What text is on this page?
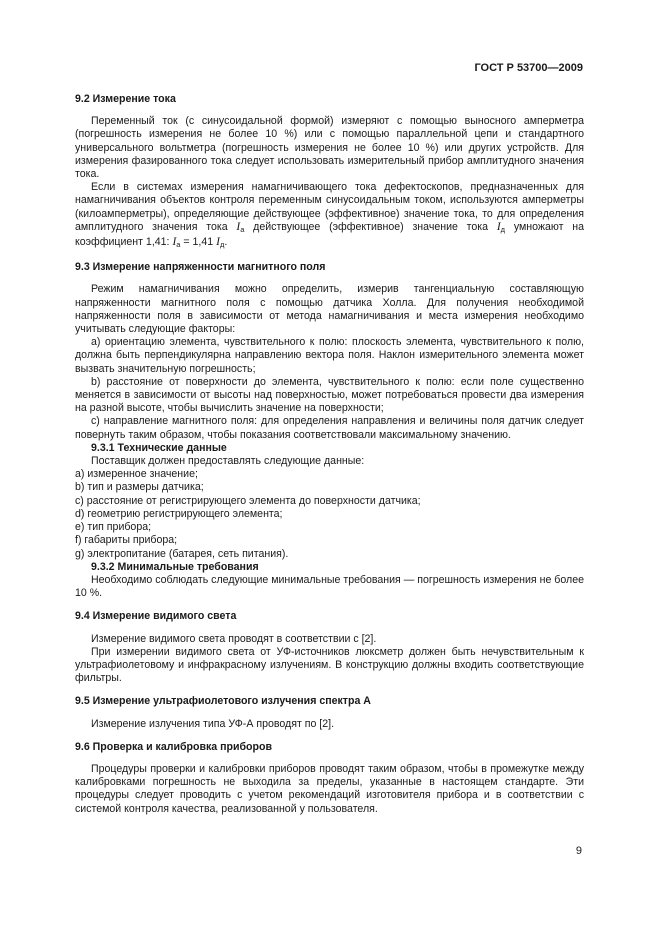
ГОСТ Р 53700—2009

9.2 Измерение тока

Переменный ток (с синусоидальной формой) измеряют с помощью выносного амперметра (погрешность измерения не более 10 %) или с помощью параллельной цепи и стандартного универсального вольтметра (погрешность измерения не более 10 %) или других устройств. Для измерения фазированного тока следует использовать измерительный прибор амплитудного значения тока.

Если в системах измерения намагничивающего тока дефектоскопов, предназначенных для намагничивания объектов контроля переменным синусоидальным током, используются амперметры (килоамперметры), определяющие действующее (эффективное) значение тока, то для определения амплитудного значения тока $I_а$ действующее (эффективное) значение тока $I_д$ умножают на коэффициент 1,41: $I_а = 1,41$ $I_д$.

9.3 Измерение напряженности магнитного поля

Режим намагничивания можно определить, измерив тангенциальную составляющую напряженности магнитного поля с помощью датчика Холла. Для получения необходимой напряженности поля в зависимости от метода намагничивания и места измерения необходимо учитывать следующие факторы:

а) ориентацию элемента, чувствительного к полю: плоскость элемента, чувствительного к полю, должна быть перпендикулярна направлению вектора поля. Наклон измерительного элемента может вызвать значительную погрешность;

b) расстояние от поверхности до элемента, чувствительного к полю: если поле существенно меняется в зависимости от высоты над поверхностью, может потребоваться провести два измерения на разной высоте, чтобы вычислить значение на поверхности;

с) направление магнитного поля: для определения направления и величины поля датчик следует повернуть таким образом, чтобы показания соответствовали максимальному значению.

9.3.1 Технические данные

Поставщик должен предоставлять следующие данные:

а) измеренное значение;

b) тип и размеры датчика;

с) расстояние от регистрирующего элемента до поверхности датчика;

d) геометрию регистрирующего элемента;

е) тип прибора;

f) габариты прибора;

g) электропитание (батарея, сеть питания).

9.3.2 Минимальные требования

Необходимо соблюдать следующие минимальные требования — погрешность измерения не более 10 %.

9.4 Измерение видимого света

Измерение видимого света проводят в соответствии с [2].

При измерении видимого света от УФ-источников люксметр должен быть нечувствительным к ультрафиолетовому и инфракрасному излучениям. В конструкцию должны входить соответствующие фильтры.

9.5 Измерение ультрафиолетового излучения спектра А

Измерение излучения типа УФ-А проводят по [2].

9.6 Проверка и калибровка приборов

Процедуры проверки и калибровки приборов проводят таким образом, чтобы в промежутке между калибровками погрешность не выходила за пределы, указанные в настоящем стандарте. Эти процедуры следует проводить с учетом рекомендаций изготовителя прибора и в соответствии с системой контроля качества, реализованной у пользователя.

9
